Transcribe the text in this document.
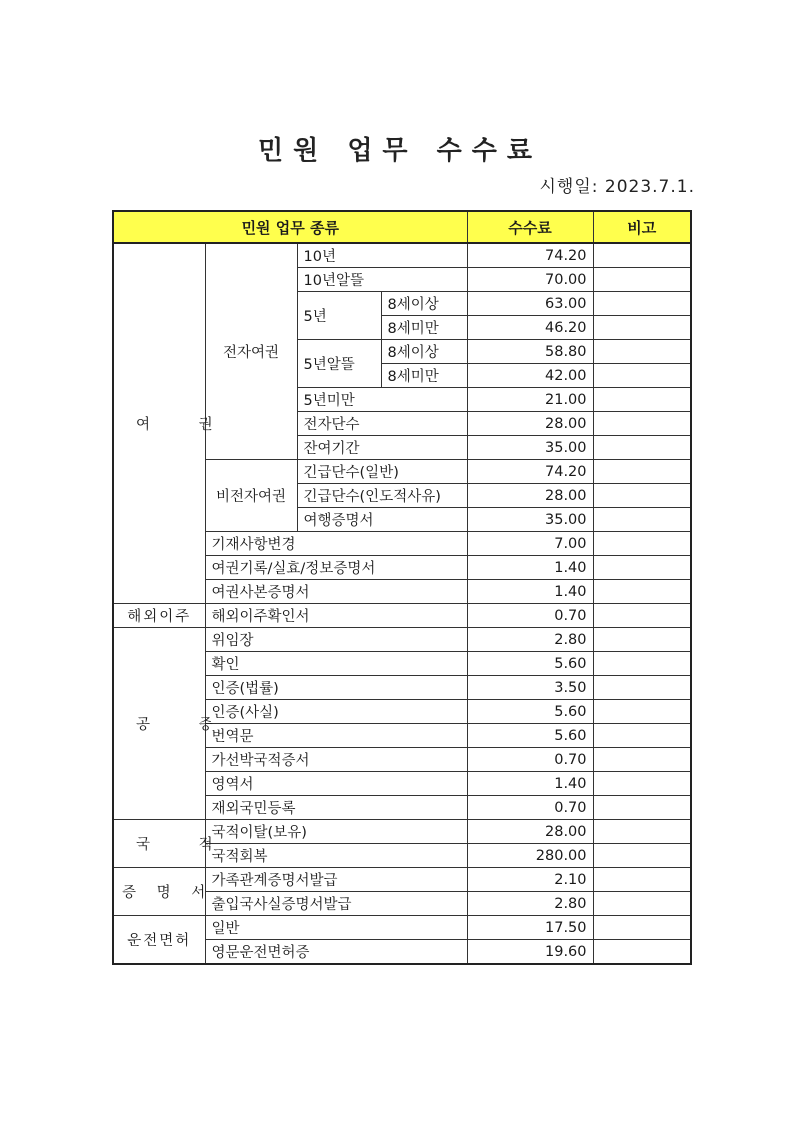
민원 업무 수수료
시행일: 2023.7.1.
민원 업무 종류				수수료	비고
여 권	전자여권	10년		74.20	
		10년알뜰		70.00	
		5년	8세이상	63.00	
			8세미만	46.20	
		5년알뜰	8세이상	58.80	
			8세미만	42.00	
		5년미만		21.00	
		전자단수		28.00	
		잔여기간		35.00	
	비전자여권	긴급단수(일반)		74.20	
		긴급단수(인도적사유)		28.00	
		여행증명서		35.00	
	기재사항변경			7.00	
	여권기록/실효/정보증명서			1.40	
	여권사본증명서			1.40	
해외이주	해외이주확인서			0.70	
공 증	위임장			2.80	
	확인			5.60	
	인증(법률)			3.50	
	인증(사실)			5.60	
	번역문			5.60	
	가선박국적증서			0.70	
	영역서			1.40	
	재외국민등록			0.70	
국 적	국적이탈(보유)			28.00	
	국적회복			280.00	
증 명 서	가족관계증명서발급			2.10	
	출입국사실증명서발급			2.80	
운전면허	일반			17.50	
	영문운전면허증			19.60	
